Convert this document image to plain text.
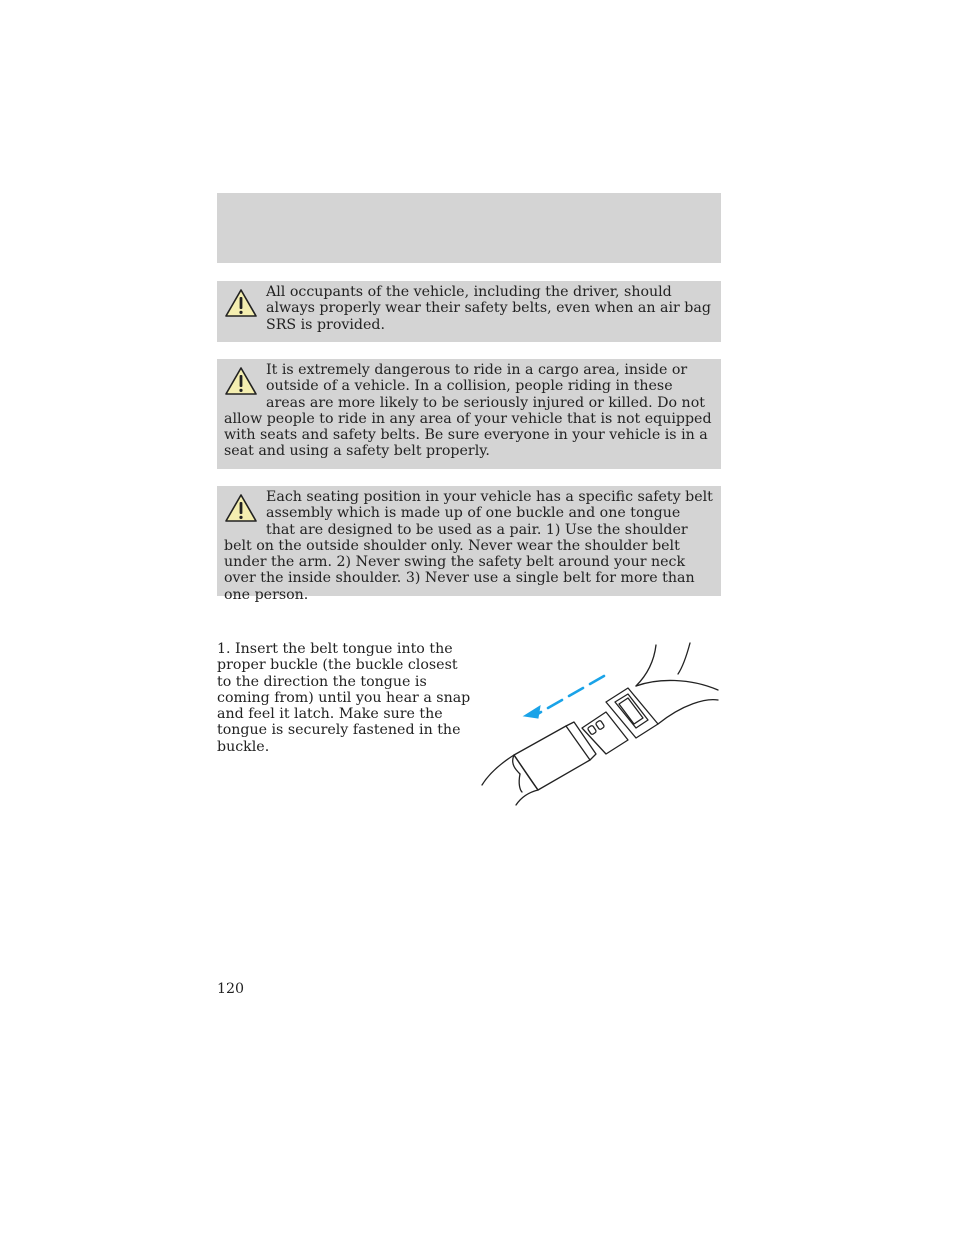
All occupants of the vehicle, including the driver, should always properly wear their safety belts, even when an air bag SRS is provided.

It is extremely dangerous to ride in a cargo area, inside or outside of a vehicle. In a collision, people riding in these areas are more likely to be seriously injured or killed. Do not allow people to ride in any area of your vehicle that is not equipped with seats and safety belts. Be sure everyone in your vehicle is in a seat and using a safety belt properly.

Each seating position in your vehicle has a specific safety belt assembly which is made up of one buckle and one tongue that are designed to be used as a pair. 1) Use the shoulder belt on the outside shoulder only. Never wear the shoulder belt under the arm. 2) Never swing the safety belt around your neck over the inside shoulder. 3) Never use a single belt for more than one person.

1. Insert the belt tongue into the proper buckle (the buckle closest to the direction the tongue is coming from) until you hear a snap and feel it latch. Make sure the tongue is securely fastened in the buckle.

120
